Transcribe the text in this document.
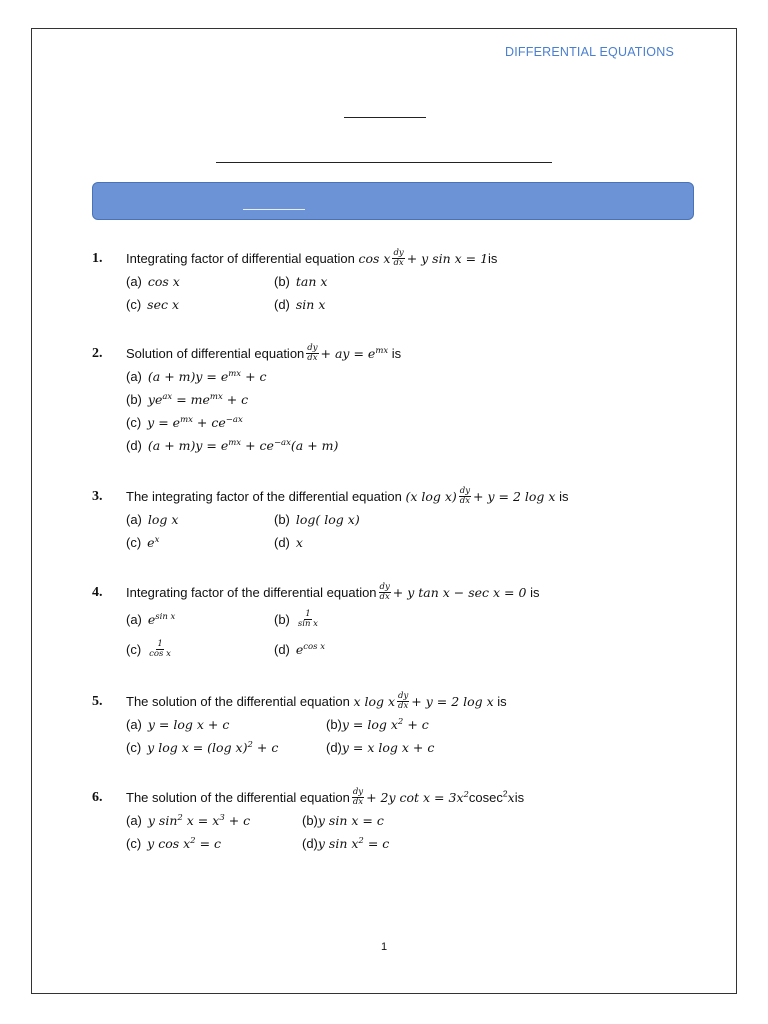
DIFFERENTIAL EQUATIONS
1.	Integrating factor of differential equation
cos x $\frac{dy}{dx} + y$ sin x = 1 is
(a) cos x	(b) tan x
(c) sec x	(d) sin x
2.	Solution of differential equation $\frac{dy}{dx}$ + ay = $e^{mx}$
is
(a) $(a + m)y = e^{mx} + c$
(b) $ye^{ax} = me^{mx} + c$
(c) $y = e^{mx} + ce^{-ax}$
(d) $(a + m)y = e^{mx} + ce^{-ax}(a + m)$
3.	The integrating factor of the differential equation
(x $\log x) \frac{dy}{dx} + y = 2$ log x
is
(a) log x	(b) log( log x)
(c) $e^x$	(d) x
4.	Integrating factor of the differential equation $\frac{dy}{dx} + y$ tan x − sec x = 0
is
(a) $e^{sin x}$	$(b) \frac{1}{\text{sin x}}$
$(c) \frac{1}{\text{cos x}}$	(d) $e^{cos x}$
5.	The solution of the differential equation
x log x $\frac{dy}{dx} + y = 2$ log x
is
(a) y = log x + c	(b) $y = \log x^2 + c$
(c) y log x = (log x)$^2$ + c	(d) y = x log x + c
6.	The solution of the differential equation $\frac{dy}{dx} + 2y$ $\cot x = 3x^2$ cosec$^2$ x is
(a) y $\sin^2 x = x^3 + c$	(b) y sin x = c
(c) y $\cos x^2 = c$	(d) y $\sin x^2 = c$
1
